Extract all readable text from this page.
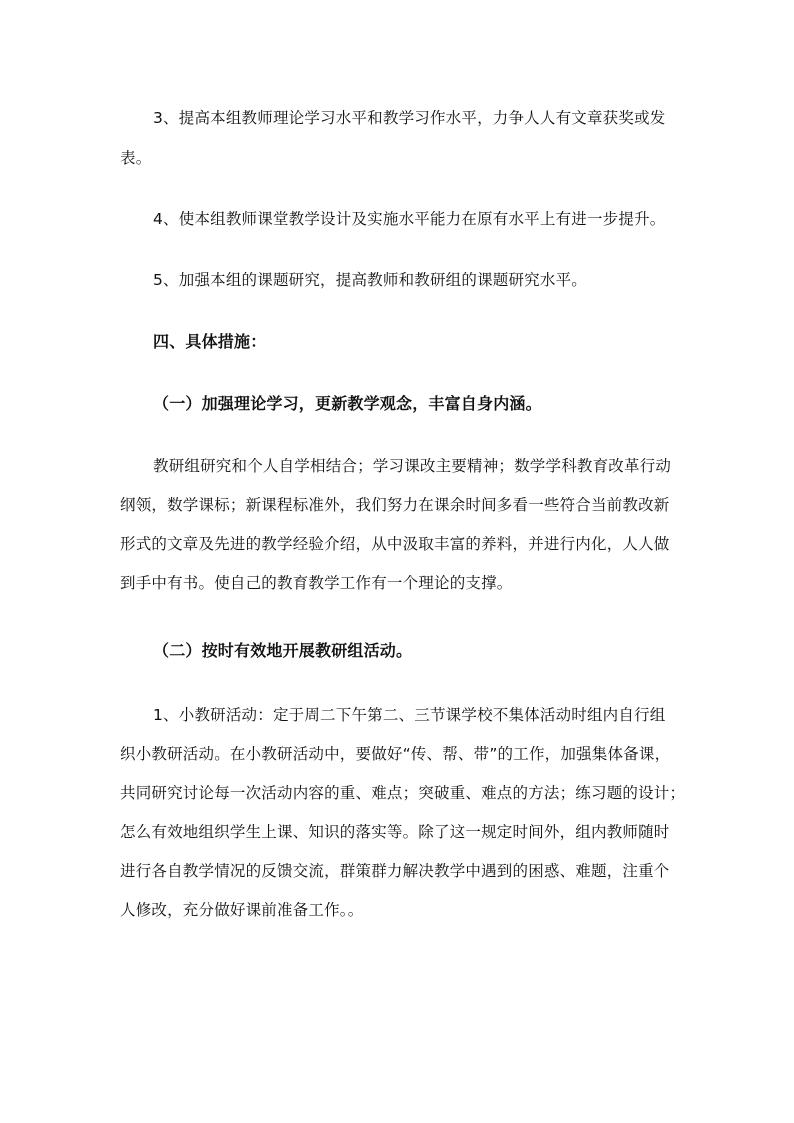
3、提高本组教师理论学习水平和教学习作水平，力争人人有文章获奖或发
表。
4、使本组教师课堂教学设计及实施水平能力在原有水平上有进一步提升。
5、加强本组的课题研究，提高教师和教研组的课题研究水平。
四、具体措施：
（一）加强理论学习，更新教学观念，丰富自身内涵。
教研组研究和个人自学相结合；学习课改主要精神；数学学科教育改革行动
纲领，数学课标；新课程标准外，我们努力在课余时间多看一些符合当前教改新
形式的文章及先进的教学经验介绍，从中汲取丰富的养料，并进行内化，人人做
到手中有书。使自己的教育教学工作有一个理论的支撑。
（二）按时有效地开展教研组活动。
1、小教研活动：定于周二下午第二、三节课学校不集体活动时组内自行组
织小教研活动。在小教研活动中，要做好“传、帮、带”的工作，加强集体备课，
共同研究讨论每一次活动内容的重、难点；突破重、难点的方法；练习题的设计；
怎么有效地组织学生上课、知识的落实等。除了这一规定时间外，组内教师随时
进行各自教学情况的反馈交流，群策群力解决教学中遇到的困惑、难题，注重个
人修改，充分做好课前准备工作。。
